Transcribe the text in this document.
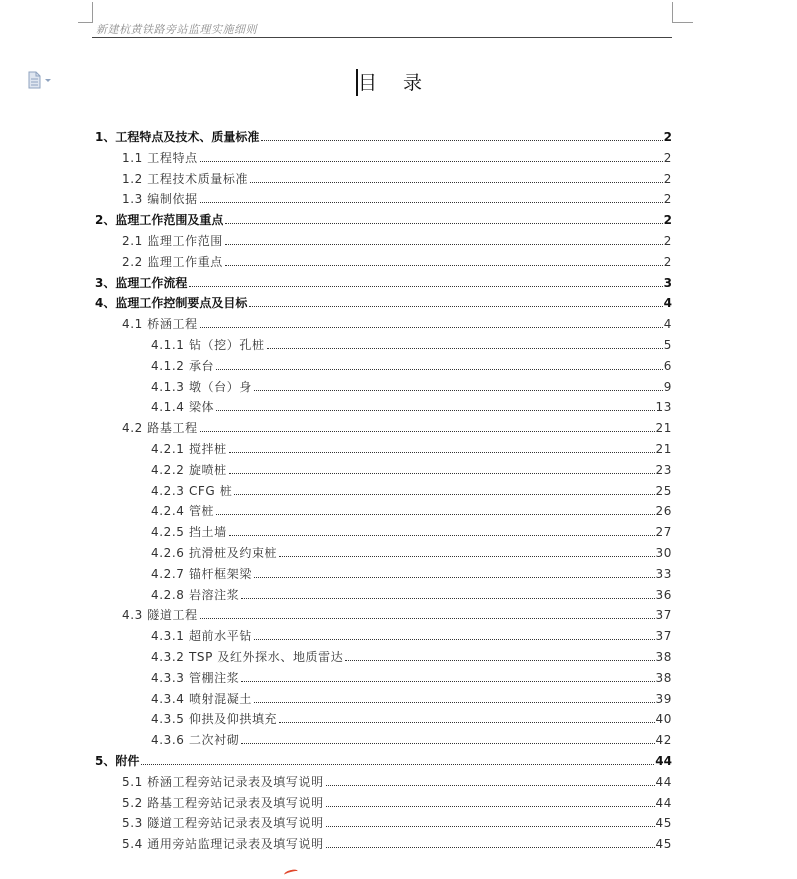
新建杭黄铁路旁站监理实施细则
目 录
1、工程特点及技术、质量标准	2
1.1 工程特点	2
1.2 工程技术质量标准	2
1.3 编制依据	2
2、监理工作范围及重点	2
2.1 监理工作范围	2
2.2 监理工作重点	2
3、监理工作流程	3
4、监理工作控制要点及目标	4
4.1 桥涵工程	4
4.1.1 钻（挖）孔桩	5
4.1.2 承台	6
4.1.3 墩（台）身	9
4.1.4 梁体	13
4.2 路基工程	21
4.2.1 搅拌桩	21
4.2.2 旋喷桩	23
4.2.3 CFG 桩	25
4.2.4 管桩	26
4.2.5 挡土墙	27
4.2.6 抗滑桩及约束桩	30
4.2.7 锚杆框架梁	33
4.2.8 岩溶注浆	36
4.3 隧道工程	37
4.3.1 超前水平钻	37
4.3.2 TSP 及红外探水、地质雷达	38
4.3.3 管棚注浆	38
4.3.4 喷射混凝土	39
4.3.5 仰拱及仰拱填充	40
4.3.6 二次衬砌	42
5、附件	44
5.1 桥涵工程旁站记录表及填写说明	44
5.2 路基工程旁站记录表及填写说明	44
5.3 隧道工程旁站记录表及填写说明	45
5.4 通用旁站监理记录表及填写说明	45
